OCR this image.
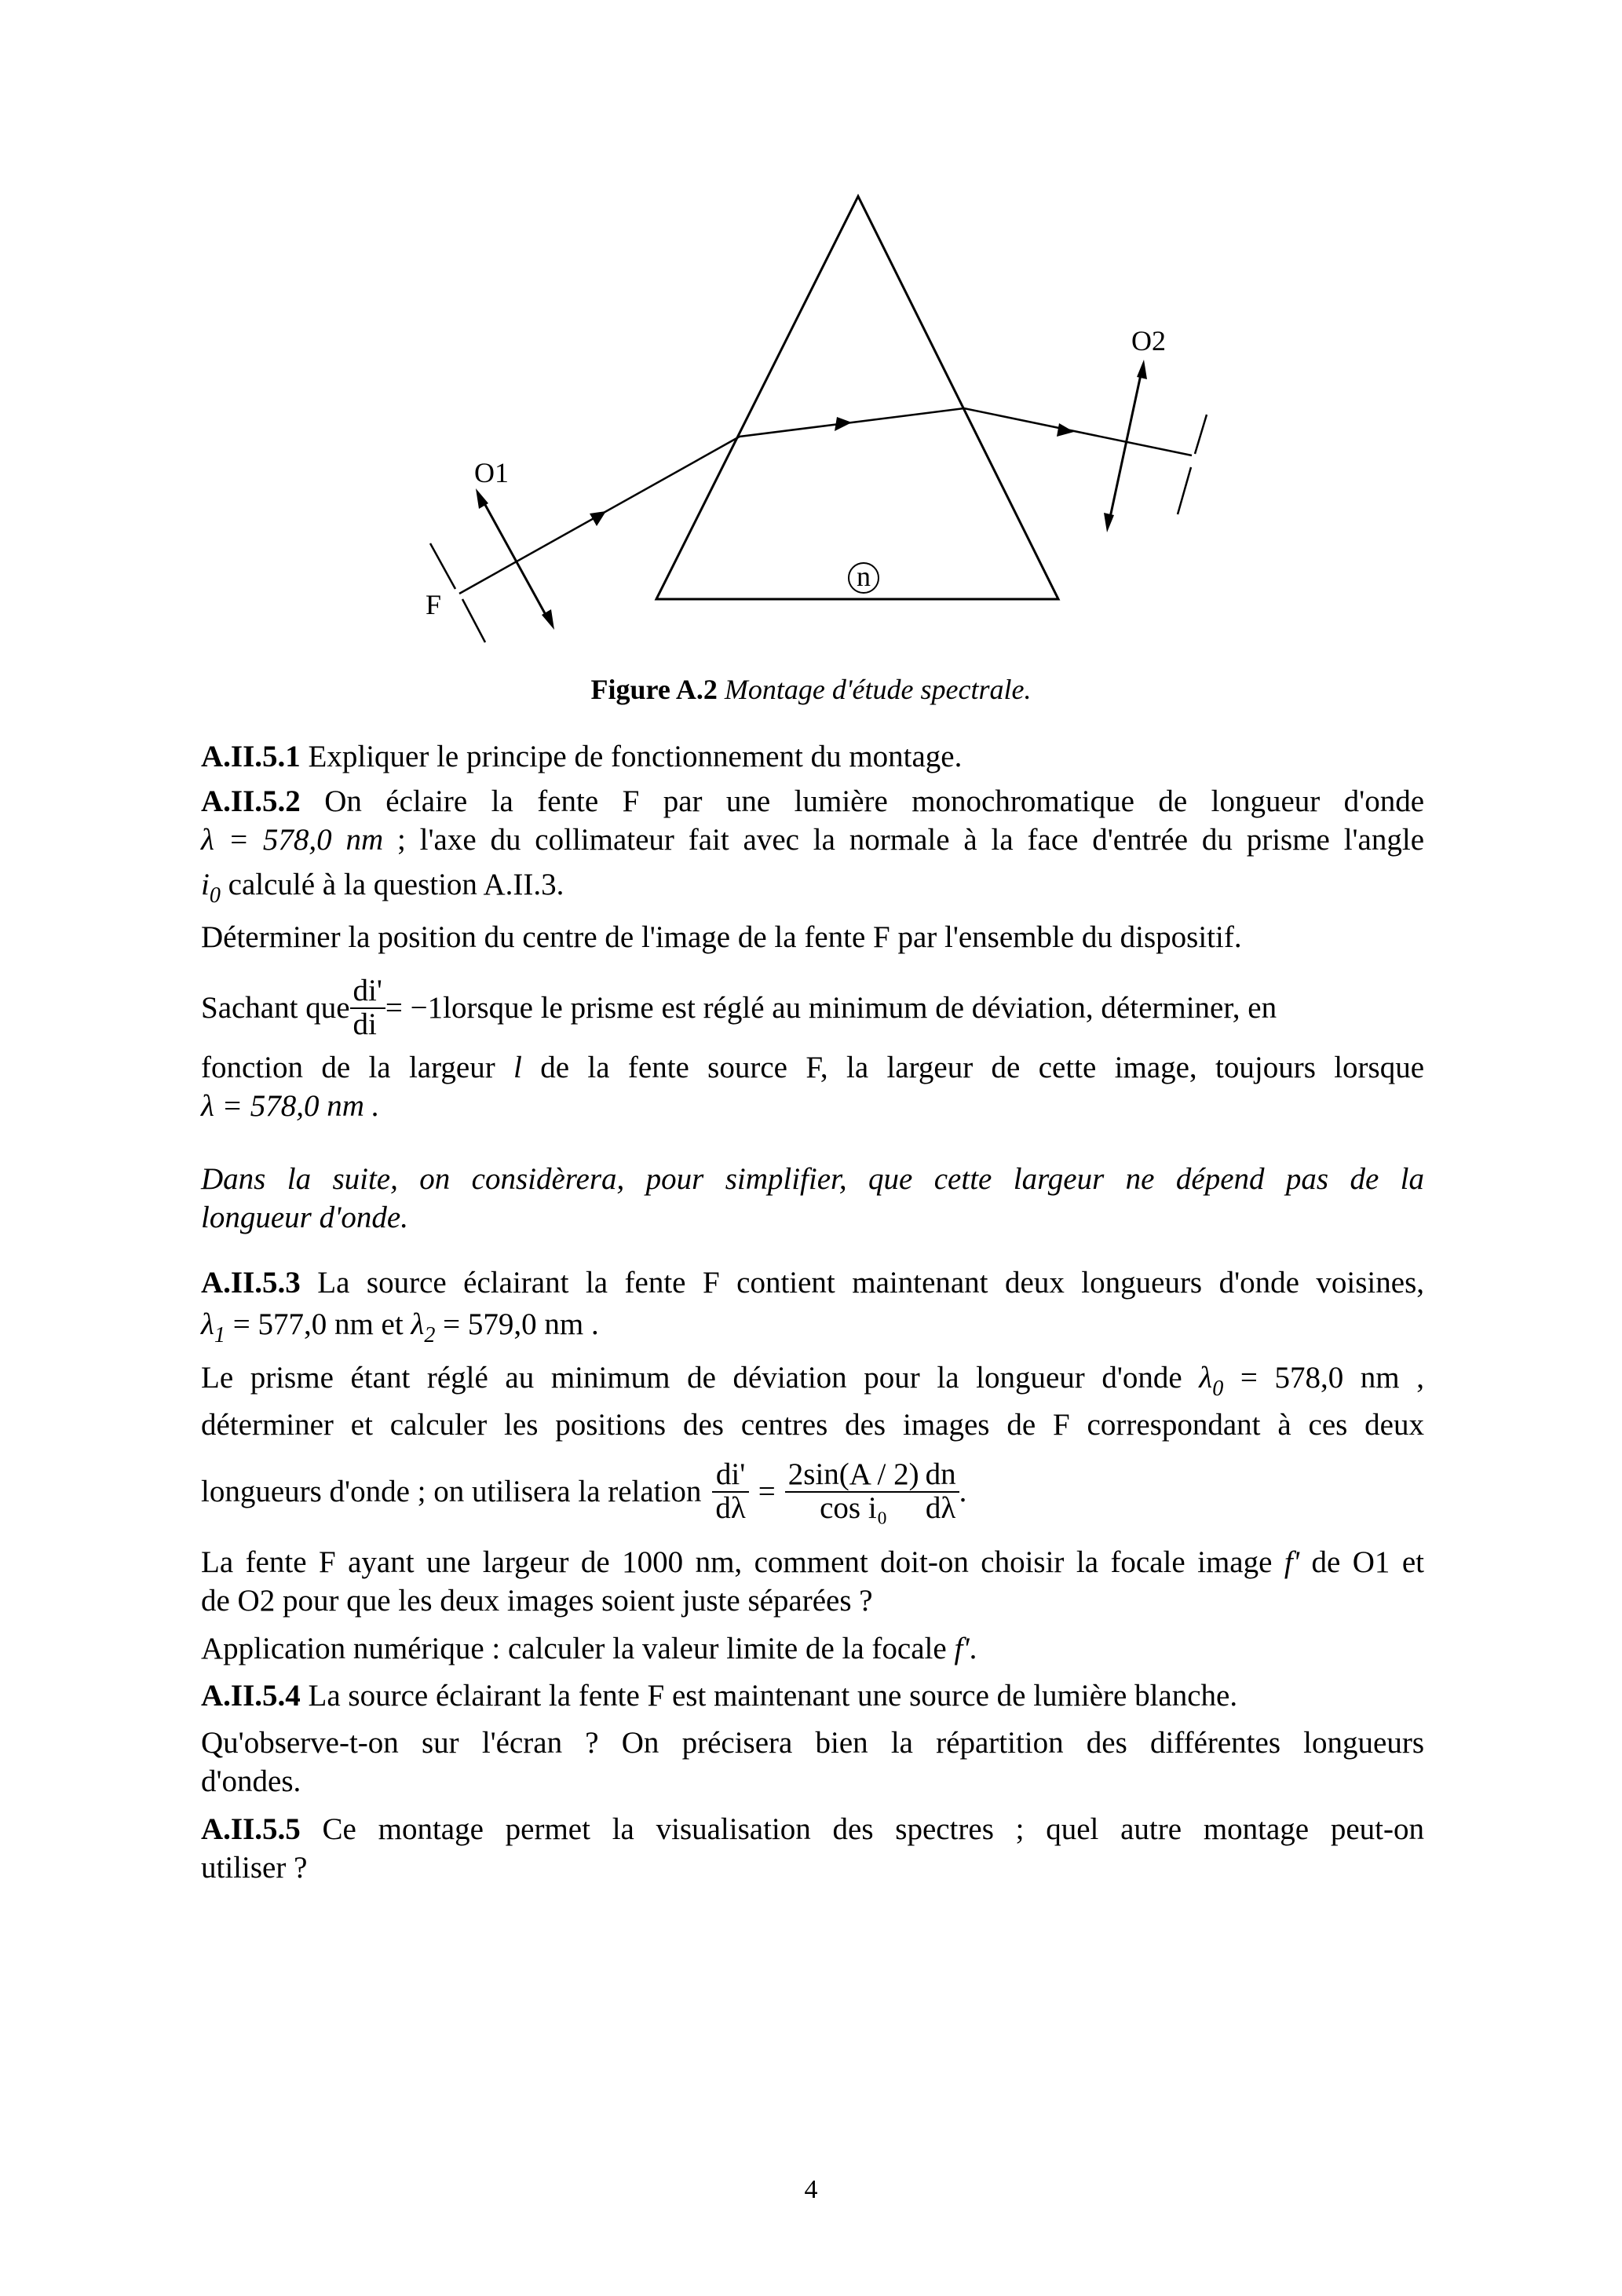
n
O1
O2
F
Figure A.2 Montage d'étude spectrale.
A.II.5.1 Expliquer le principe de fonctionnement du montage.
A.II.5.2 On éclaire la fente F par une lumière monochromatique de longueur d'onde
λ = 578,0 nm ; l'axe du collimateur fait avec la normale à la face d'entrée du prisme l'angle
$i_0$ calculé à la question A.II.3.
Déterminer la position du centre de l'image de la fente F par l'ensemble du dispositif.
Sachant que $\frac{di'}{di} = -1$ lorsque le prisme est réglé au minimum de déviation, déterminer, en
fonction de la largeur l de la fente source F, la largeur de cette image, toujours lorsque
λ = 578,0 nm .
Dans la suite, on considèrera, pour simplifier, que cette largeur ne dépend pas de la
longueur d'onde.
A.II.5.3 La source éclairant la fente F contient maintenant deux longueurs d'onde voisines,
$\lambda_1 = 577,0$ nm et $\lambda_2 = 579,0$ nm .
Le prisme étant réglé au minimum de déviation pour la longueur d'onde $\lambda_0 = 578,0$ nm ,
déterminer et calculer les positions des centres des images de F correspondant à ces deux
longueurs d'onde ; on utilisera la relation $\frac{di'}{d\lambda} = \frac{2\sin(A / 2)}{\text{cos i₀}} \frac{dn}{d\lambda}$ .
La fente F ayant une largeur de 1000 nm, comment doit-on choisir la focale image f' de O1 et
de O2 pour que les deux images soient juste séparées ?
Application numérique : calculer la valeur limite de la focale f'.
A.II.5.4 La source éclairant la fente F est maintenant une source de lumière blanche.
Qu'observe-t-on sur l'écran ? On précisera bien la répartition des différentes longueurs
d'ondes.
A.II.5.5 Ce montage permet la visualisation des spectres ; quel autre montage peut-on
utiliser ?
4
